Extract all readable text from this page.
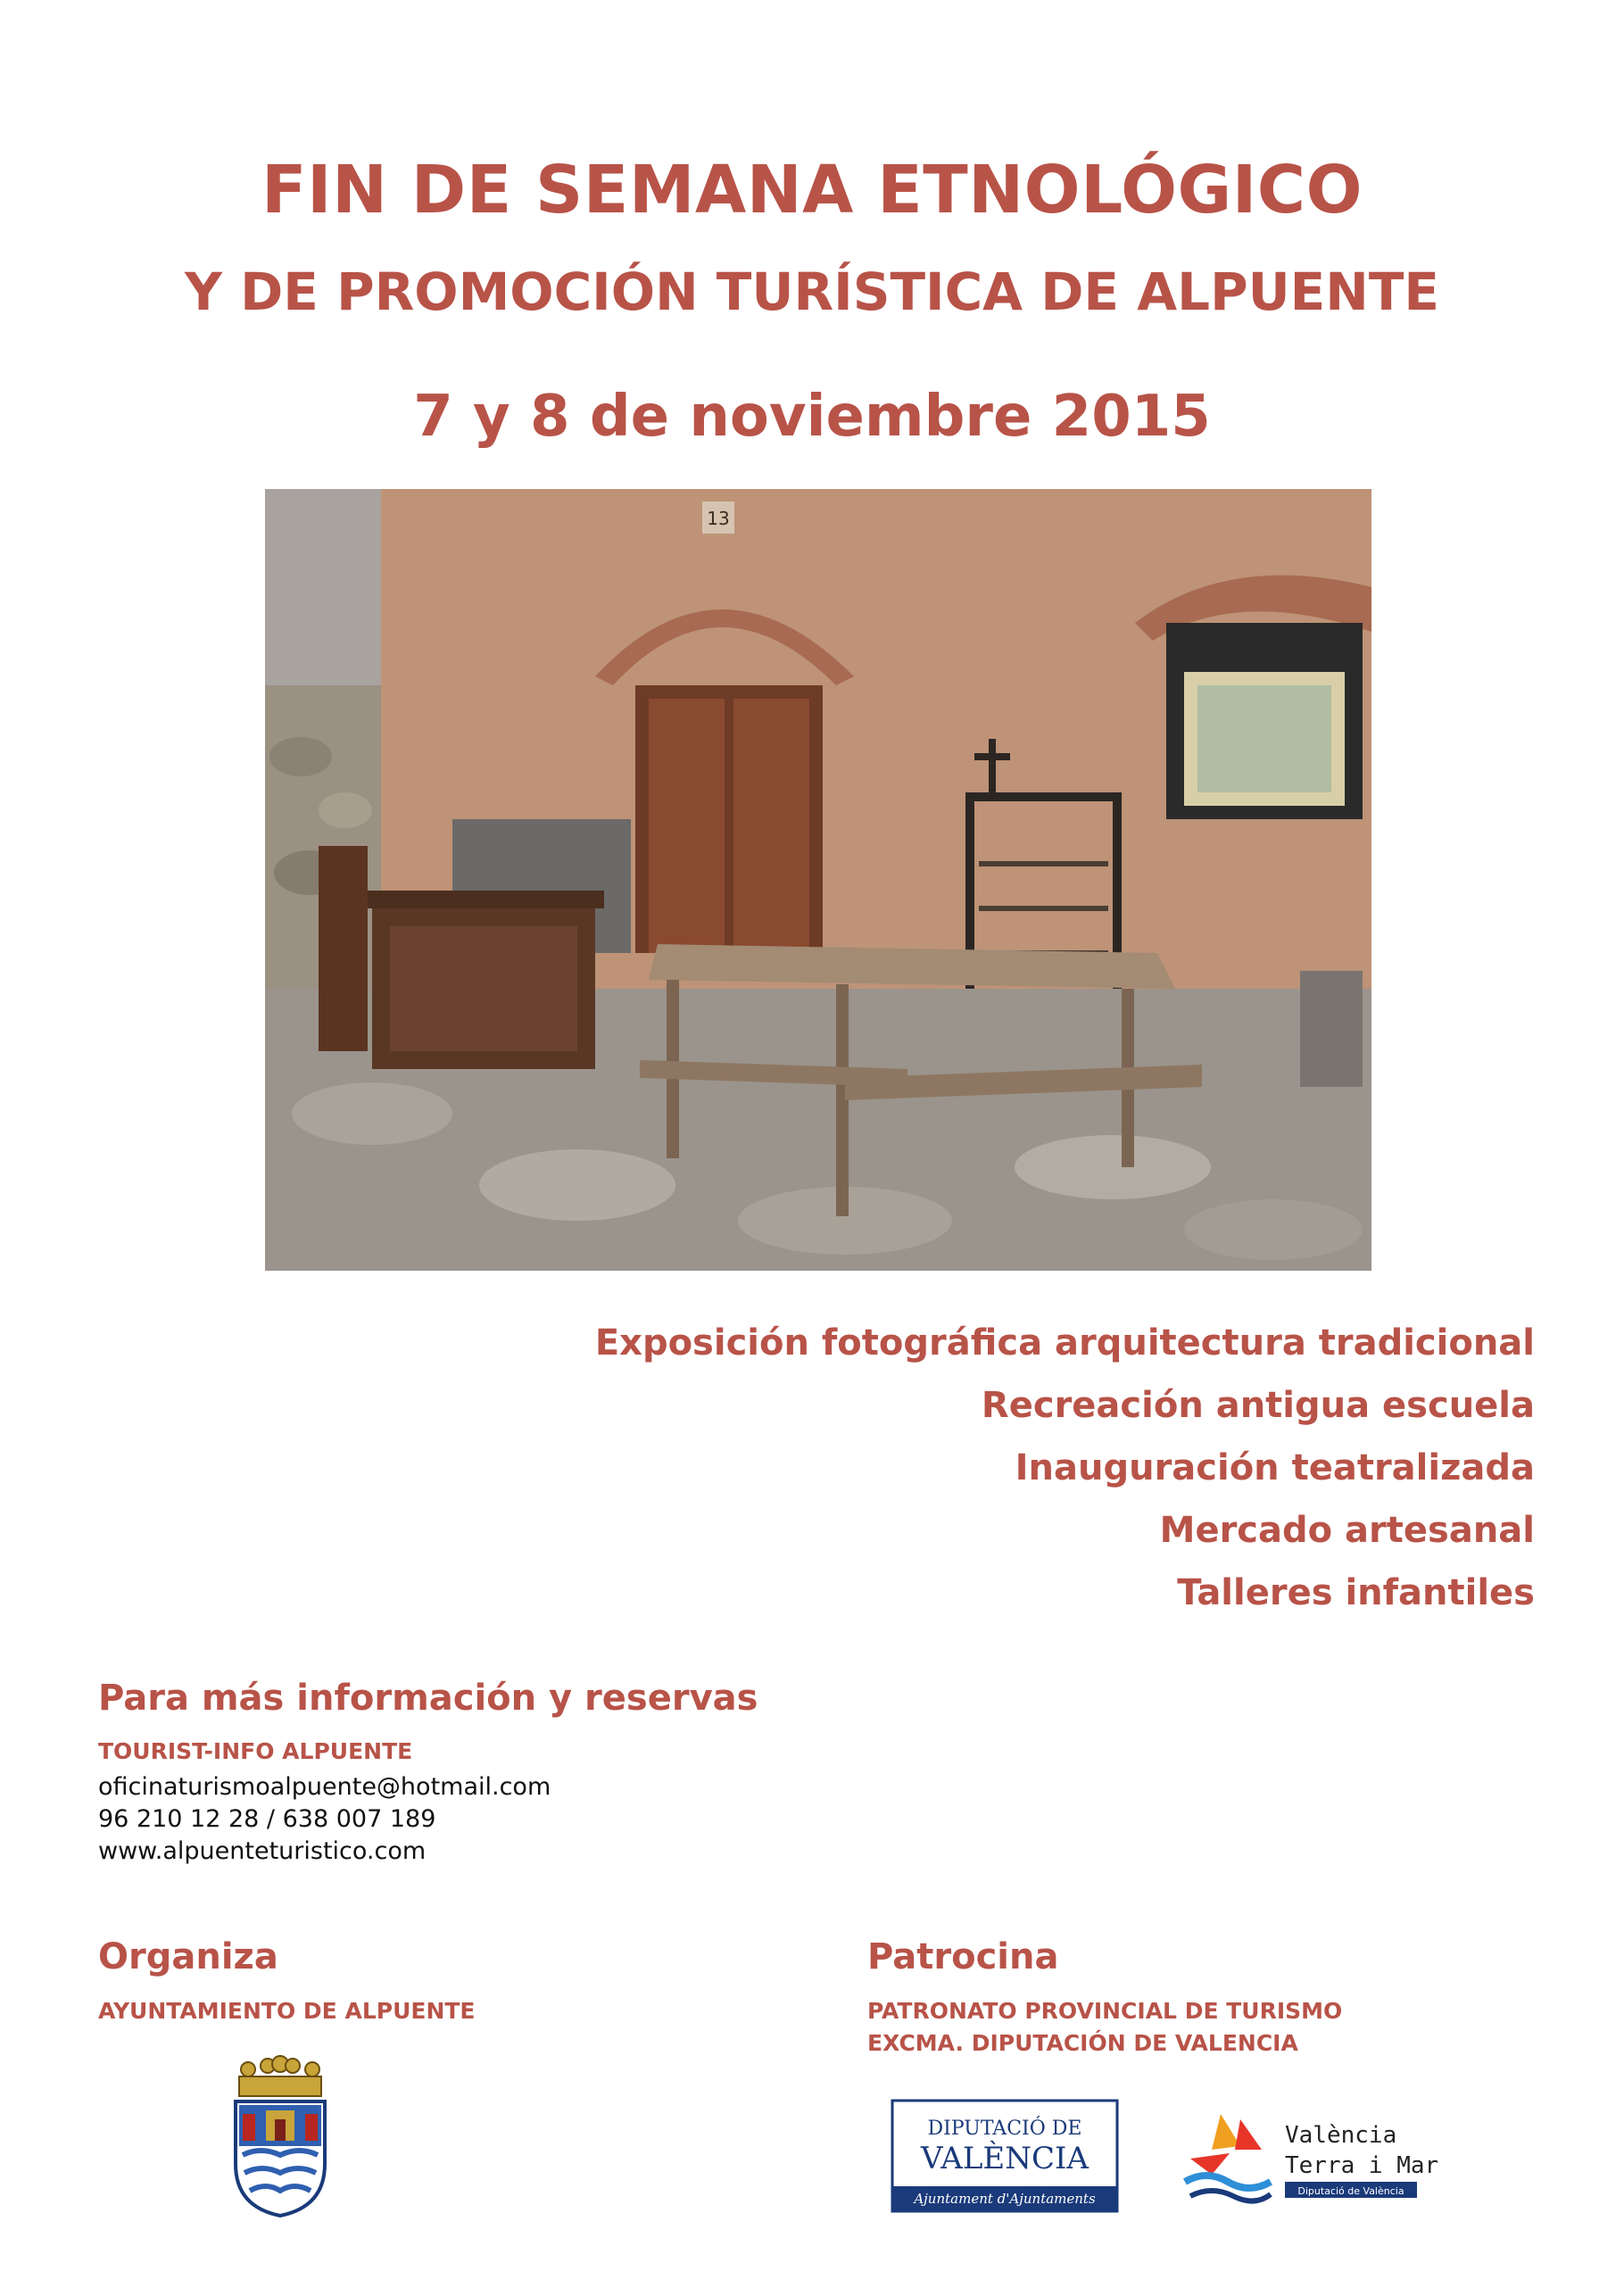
FIN DE SEMANA ETNOLÓGICO
Y DE PROMOCIÓN TURÍSTICA DE ALPUENTE
7 y 8 de noviembre 2015
13
Exposición fotográfica arquitectura tradicional
Recreación antigua escuela
Inauguración teatralizada
Mercado artesanal
Talleres infantiles
Para más información y reservas
TOURIST-INFO ALPUENTE
oficinaturismoalpuente@hotmail.com
96 210 12 28 / 638 007 189
www.alpuenteturistico.com
Organiza
AYUNTAMIENTO DE ALPUENTE
Patrocina
PATRONATO PROVINCIAL DE TURISMO
EXCMA. DIPUTACIÓN DE VALENCIA
DIPUTACIÓ DE
VALÈNCIA
Ajuntament d'Ajuntaments
València
Terra i Mar
Diputació de València
